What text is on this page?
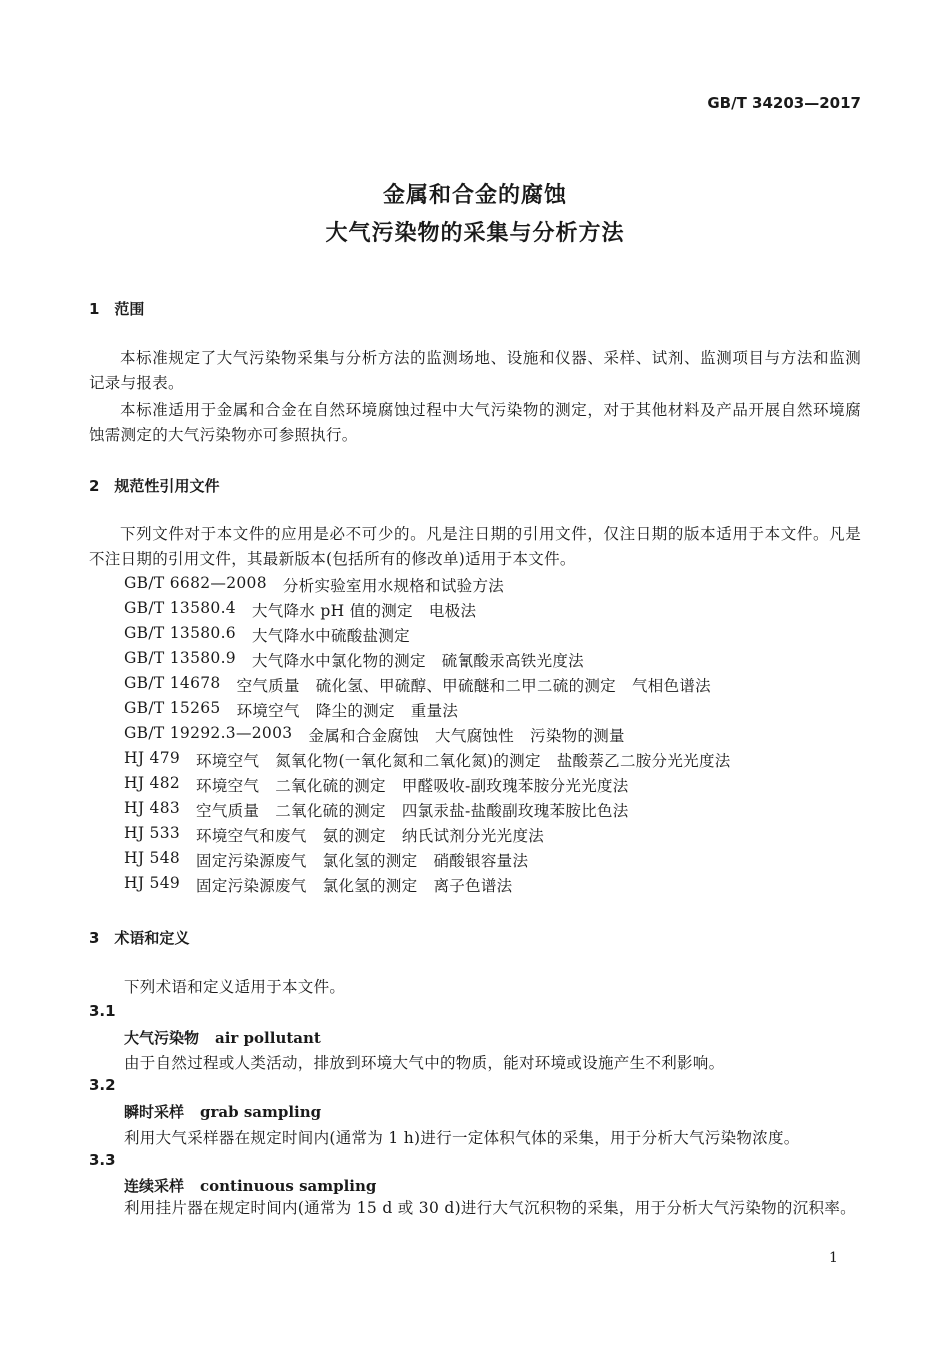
GB/T 34203—2017
金属和合金的腐蚀
大气污染物的采集与分析方法
1　范围
本标准规定了大气污染物采集与分析方法的监测场地、设施和仪器、采样、试剂、监测项目与方法和监测记录与报表。
本标准适用于金属和合金在自然环境腐蚀过程中大气污染物的测定，对于其他材料及产品开展自然环境腐蚀需测定的大气污染物亦可参照执行。
2　规范性引用文件
下列文件对于本文件的应用是必不可少的。凡是注日期的引用文件，仅注日期的版本适用于本文件。凡是不注日期的引用文件，其最新版本(包括所有的修改单)适用于本文件。
GB/T 6682—2008 分析实验室用水规格和试验方法
GB/T 13580.4 大气降水 pH 值的测定 电极法
GB/T 13580.6 大气降水中硫酸盐测定
GB/T 13580.9 大气降水中氯化物的测定 硫氰酸汞高铁光度法
GB/T 14678 空气质量 硫化氢、甲硫醇、甲硫醚和二甲二硫的测定 气相色谱法
GB/T 15265 环境空气 降尘的测定 重量法
GB/T 19292.3—2003 金属和合金腐蚀 大气腐蚀性 污染物的测量
HJ 479 环境空气 氮氧化物(一氧化氮和二氧化氮)的测定 盐酸萘乙二胺分光光度法
HJ 482 环境空气 二氧化硫的测定 甲醛吸收-副玫瑰苯胺分光光度法
HJ 483 空气质量 二氧化硫的测定 四氯汞盐-盐酸副玫瑰苯胺比色法
HJ 533 环境空气和废气 氨的测定 纳氏试剂分光光度法
HJ 548 固定污染源废气 氯化氢的测定 硝酸银容量法
HJ 549 固定污染源废气 氯化氢的测定 离子色谱法
3　术语和定义
下列术语和定义适用于本文件。
3.1
大气污染物 air pollutant
由于自然过程或人类活动，排放到环境大气中的物质，能对环境或设施产生不利影响。
3.2
瞬时采样 grab sampling
利用大气采样器在规定时间内(通常为 1 h)进行一定体积气体的采集，用于分析大气污染物浓度。
3.3
连续采样 continuous sampling
利用挂片器在规定时间内(通常为 15 d 或 30 d)进行大气沉积物的采集，用于分析大气污染物的沉积率。
1
